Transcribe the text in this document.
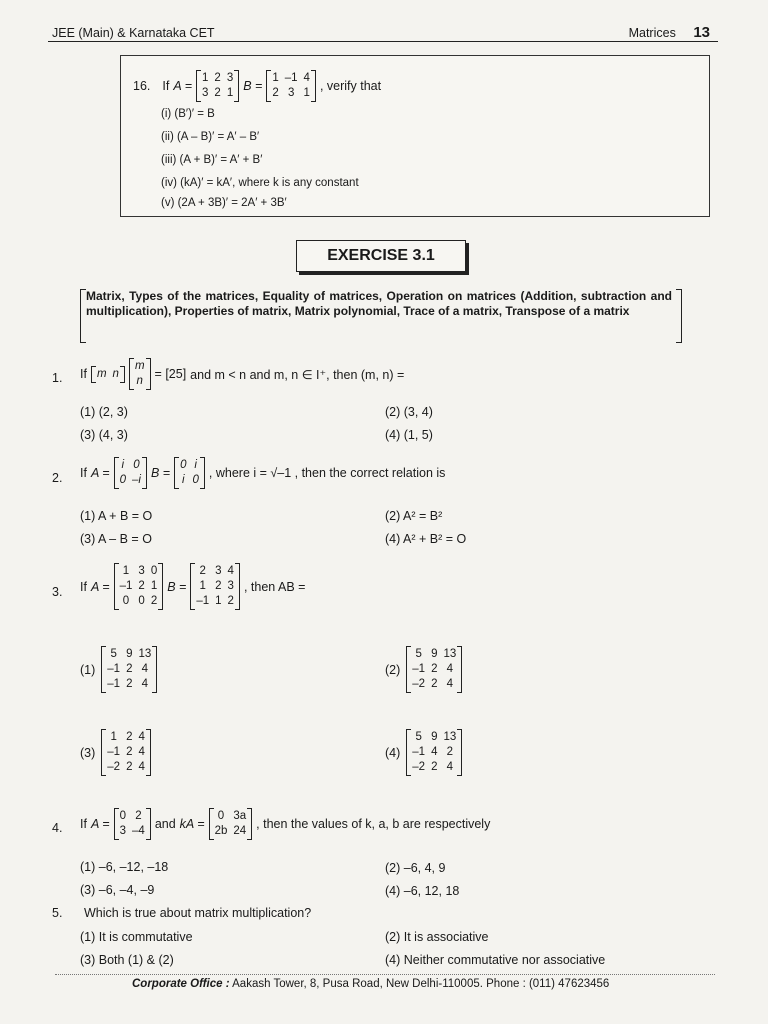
JEE (Main) & Karnataka CET	Matrices 13
16. If A =
1 2 3
3 2 1 B =
1 –1 4
2 3 1 , verify that
(i) (B′)′ = B
(ii) (A – B)′ = A′ – B′
(iii) (A + B)′ = A′ + B′
(iv) (kA)′ = kA′, where k is any constant
(v) (2A + 3B)′ = 2A′ + 3B′
EXERCISE 3.1
Matrix, Types of the matrices, Equality of matrices, Operation on matrices (Addition, subtraction and multiplication), Properties of matrix, Matrix polynomial, Trace of a matrix, Transpose of a matrix
1. If m n
m
n = [25] and m < n and m, n ∈ I⁺, then (m, n) =
(1) (2, 3)	(2) (3, 4)
(3) (4, 3)	(4) (1, 5)
2. If A =
i 0
0 –i B =
0 i
i 0 , where i = √–1 , then the correct relation is
(1) A + B = O	(2) A² = B²
(3) A – B = O	(4) A² + B² = O
3. If A =
1 3 0
–1 2 1
0 0 2
B =
2 3 4
1 2 3
–1 1 2
, then AB =
(1)
5 9 13
–1 2 4
–1 2 4
(2)
5 9 13
–1 2 4
–2 2 4
(3)
1 2 4
–1 2 4
–2 2 4
(4)
5 9 13
–1 4 2
–2 2 4
4. If A =
0 2
3 –4 and kA =
0 3a
2b 24 , then the values of k, a, b are respectively
(1) –6, –12, –18	(2) –6, 4, 9
(3) –6, –4, –9	(4) –6, 12, 18
5. Which is true about matrix multiplication?
(1) It is commutative	(2) It is associative
(3) Both (1) & (2)	(4) Neither commutative nor associative
Corporate Office : Aakash Tower, 8, Pusa Road, New Delhi-110005. Phone : (011) 47623456
